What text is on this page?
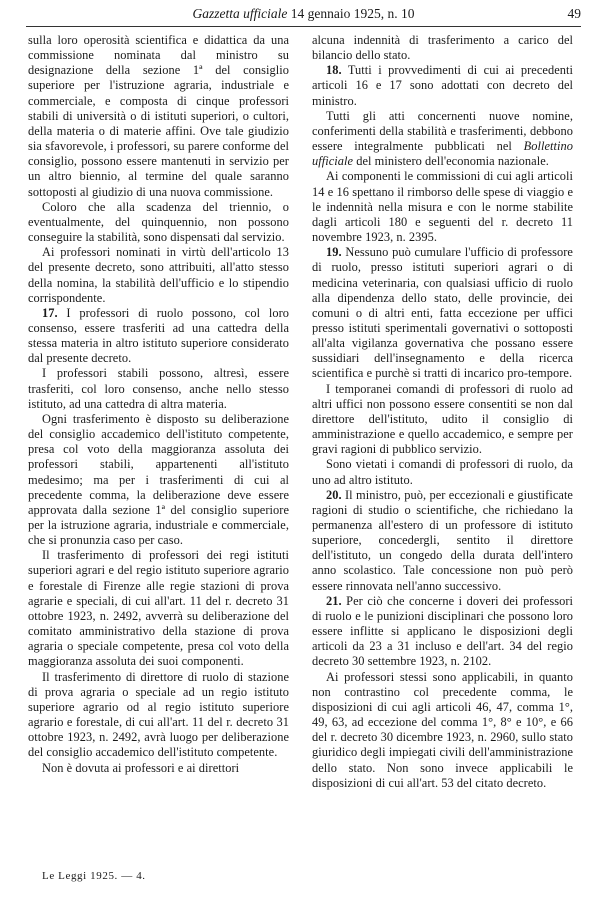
Gazzetta ufficiale 14 gennaio 1925, n. 10	49

sulla loro operosità scientifica e didattica da una commissione nominata dal ministro su designazione della sezione 1ª del consiglio superiore per l'istruzione agraria, industriale e commerciale, e composta di cinque professori stabili di università o di istituti superiori, o cultori, della materia o di materie affini. Ove tale giudizio sia sfavorevole, i professori, su parere conforme del consiglio, possono essere mantenuti in servizio per un altro biennio, al termine del quale saranno sottoposti al giudizio di una nuova commissione.

Coloro che alla scadenza del triennio, o eventualmente, del quinquennio, non possono conseguire la stabilità, sono dispensati dal servizio.

Ai professori nominati in virtù dell'articolo 13 del presente decreto, sono attribuiti, all'atto stesso della nomina, la stabilità dell'ufficio e lo stipendio corrispondente.

17. I professori di ruolo possono, col loro consenso, essere trasferiti ad una cattedra della stessa materia in altro istituto superiore considerato dal presente decreto.

I professori stabili possono, altresì, essere trasferiti, col loro consenso, anche nello stesso istituto, ad una cattedra di altra materia.

Ogni trasferimento è disposto su deliberazione del consiglio accademico dell'istituto competente, presa col voto della maggioranza assoluta dei professori stabili, appartenenti all'istituto medesimo; ma per i trasferimenti di cui al precedente comma, la deliberazione deve essere approvata dalla sezione 1ª del consiglio superiore per la istruzione agraria, industriale e commerciale, che si pronunzia caso per caso.

Il trasferimento di professori dei regi istituti superiori agrari e del regio istituto superiore agrario e forestale di Firenze alle regie stazioni di prova agrarie e speciali, di cui all'art. 11 del r. decreto 31 ottobre 1923, n. 2492, avverrà su deliberazione del comitato amministrativo della stazione di prova agraria o speciale competente, presa col voto della maggioranza assoluta dei suoi componenti.

Il trasferimento di direttore di ruolo di stazione di prova agraria o speciale ad un regio istituto superiore agrario od al regio istituto superiore agrario e forestale, di cui all'art. 11 del r. decreto 31 ottobre 1923, n. 2492, avrà luogo per deliberazione del consiglio accademico dell'istituto competente.

Non è dovuta ai professori e ai direttori

alcuna indennità di trasferimento a carico del bilancio dello stato.

18. Tutti i provvedimenti di cui ai precedenti articoli 16 e 17 sono adottati con decreto del ministro.

Tutti gli atti concernenti nuove nomine, conferimenti della stabilità e trasferimenti, debbono essere integralmente pubblicati nel Bollettino ufficiale del ministero dell'economia nazionale.

Ai componenti le commissioni di cui agli articoli 14 e 16 spettano il rimborso delle spese di viaggio e le indennità nella misura e con le norme stabilite dagli articoli 180 e seguenti del r. decreto 11 novembre 1923, n. 2395.

19. Nessuno può cumulare l'ufficio di professore di ruolo, presso istituti superiori agrari o di medicina veterinaria, con qualsiasi ufficio di ruolo alla dipendenza dello stato, delle provincie, dei comuni o di altri enti, fatta eccezione per uffici presso istituti sperimentali governativi o sottoposti all'alta vigilanza governativa che possano essere sussidiari dell'insegnamento e della ricerca scientifica e purchè si tratti di incarico pro-tempore.

I temporanei comandi di professori di ruolo ad altri uffici non possono essere consentiti se non dal direttore dell'istituto, udito il consiglio di amministrazione e quello accademico, e sempre per gravi ragioni di pubblico servizio.

Sono vietati i comandi di professori di ruolo, da uno ad altro istituto.

20. Il ministro, può, per eccezionali e giustificate ragioni di studio o scientifiche, che richiedano la permanenza all'estero di un professore di istituto superiore, concedergli, sentito il direttore dell'istituto, un congedo della durata dell'intero anno scolastico. Tale concessione non può però essere rinnovata nell'anno successivo.

21. Per ciò che concerne i doveri dei professori di ruolo e le punizioni disciplinari che possono loro essere inflitte si applicano le disposizioni degli articoli da 23 a 31 incluso e dell'art. 34 del regio decreto 30 settembre 1923, n. 2102.

Ai professori stessi sono applicabili, in quanto non contrastino col precedente comma, le disposizioni di cui agli articoli 46, 47, comma 1°, 49, 63, ad eccezione del comma 1°, 8° e 10°, e 66 del r. decreto 30 dicembre 1923, n. 2960, sullo stato giuridico degli impiegati civili dell'amministrazione dello stato. Non sono invece applicabili le disposizioni di cui all'art. 53 del citato decreto.

Le Leggi 1925. — 4.
